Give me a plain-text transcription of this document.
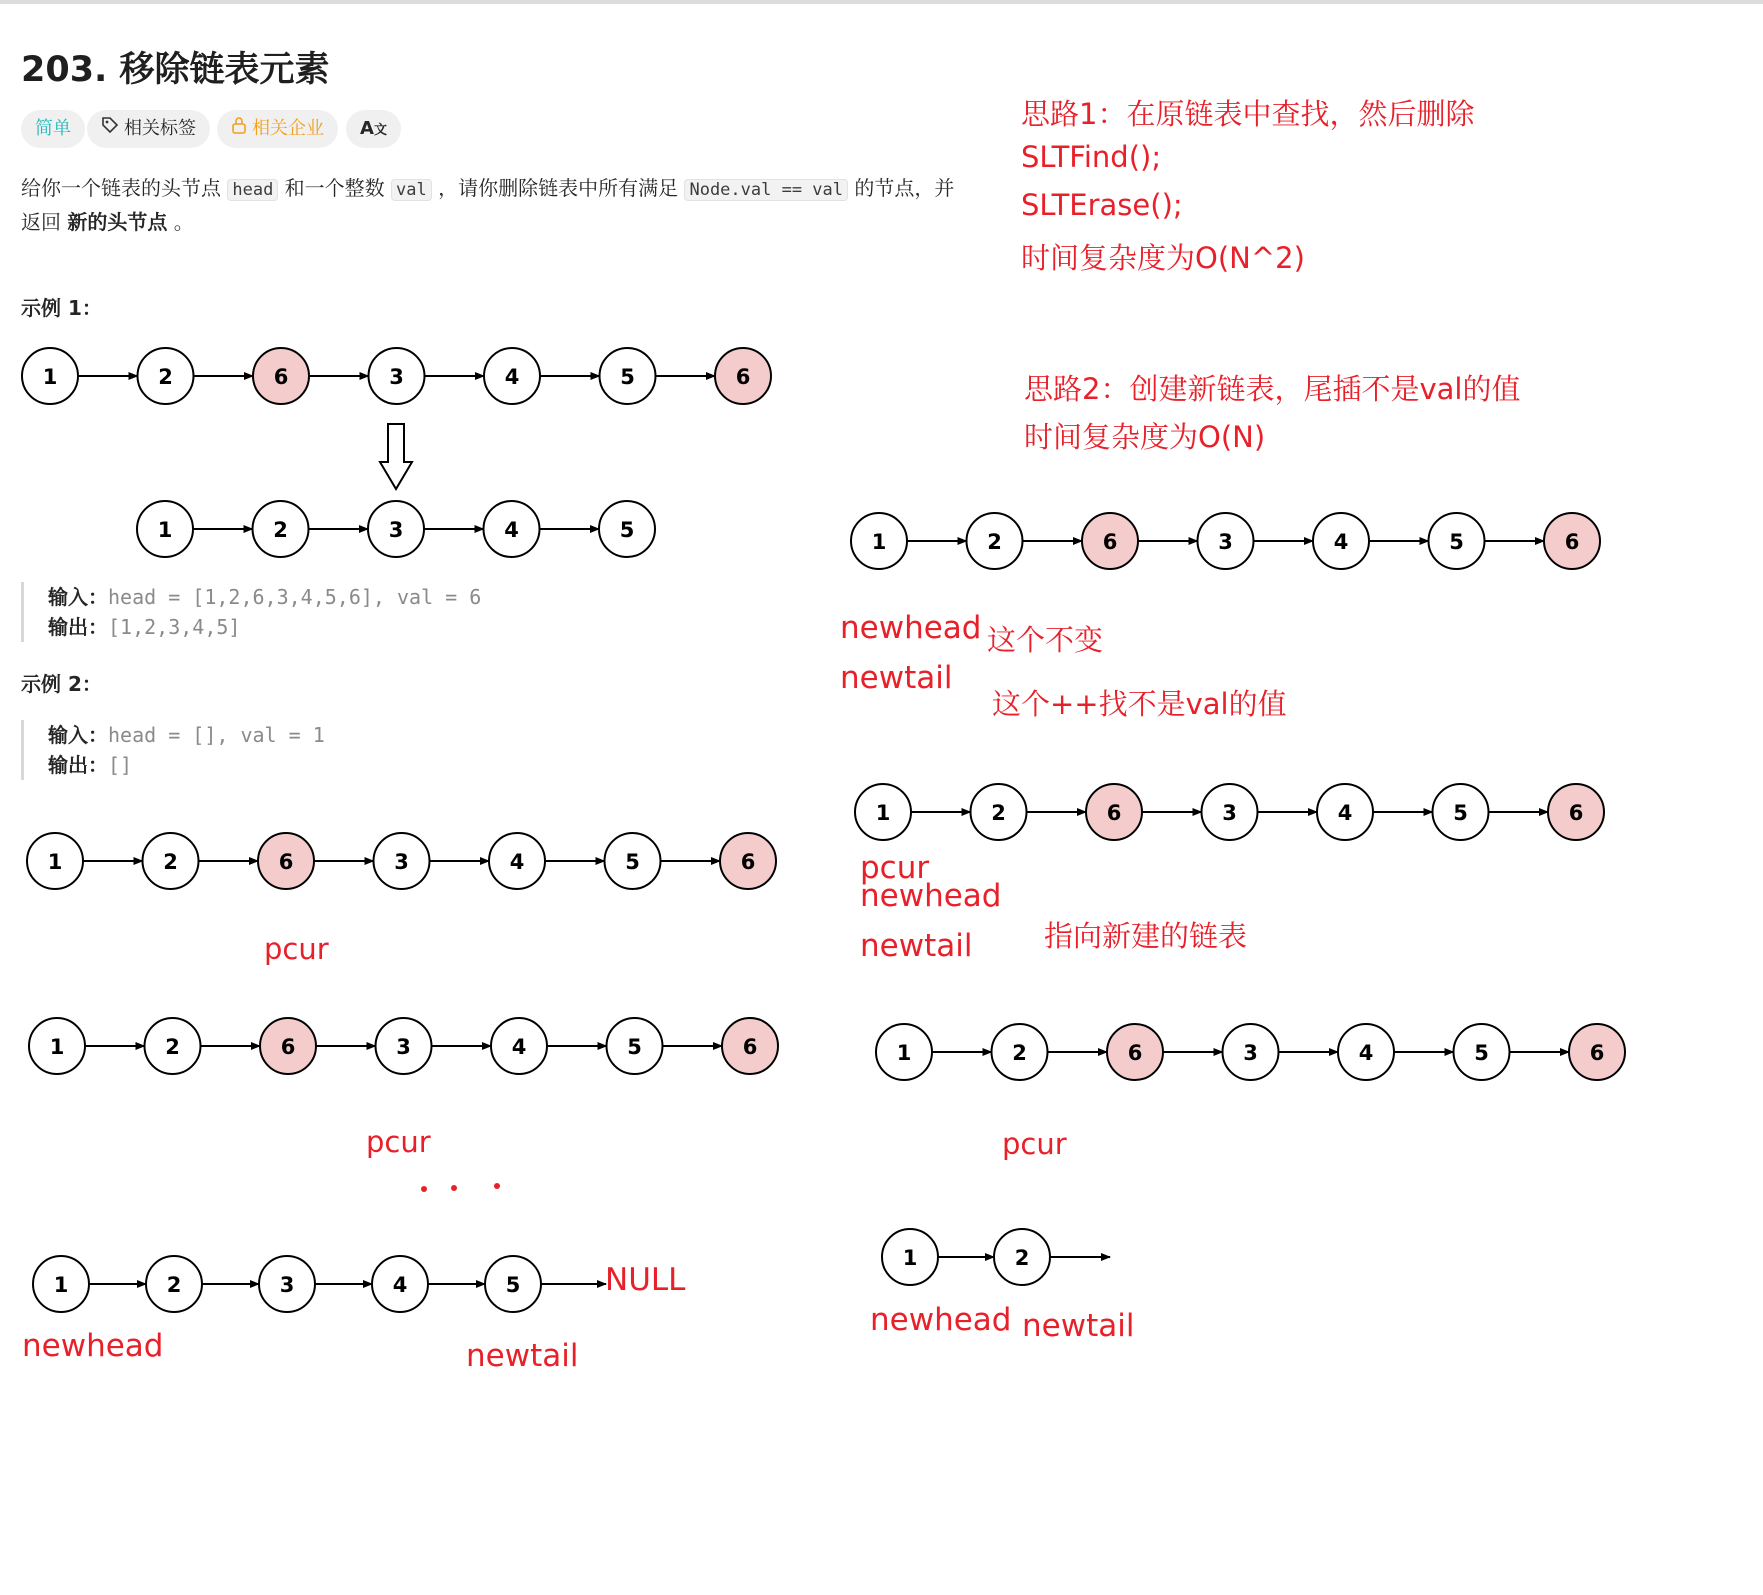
203. 移除链表元素
简单	相关标签	相关企业	A文
给你一个链表的头节点 head 和一个整数 val ，请你删除链表中所有满足 Node.val == val 的节点，并
返回 新的头节点 。
示例 1：
输入：head = [1,2,6,3,4,5,6], val = 6
输出：[1,2,3,4,5]
示例 2：
输入：head = [], val = 1
输出：[]
思路1：在原链表中查找，然后删除
SLTFind();
SLTErase();
时间复杂度为O(N^2)
思路2：创建新链表，尾插不是val的值
时间复杂度为O(N)
newhead 这个不变
newtail
这个++找不是val的值
pcur
newhead
newtail 指向新建的链表
pcur
pcur	pcur
NULL
newhead	newtail
newhead newtail
1	2	6	3	4	5	6
1	2	3	4	5	1	2	6	3	4	5	6
1	2	6	3	4	5	6
1	2	6	3	4	5	6
1	2	6	3	4	5	6	1	2	6	3	4	5	6
1	2	3	4	5
1	2
